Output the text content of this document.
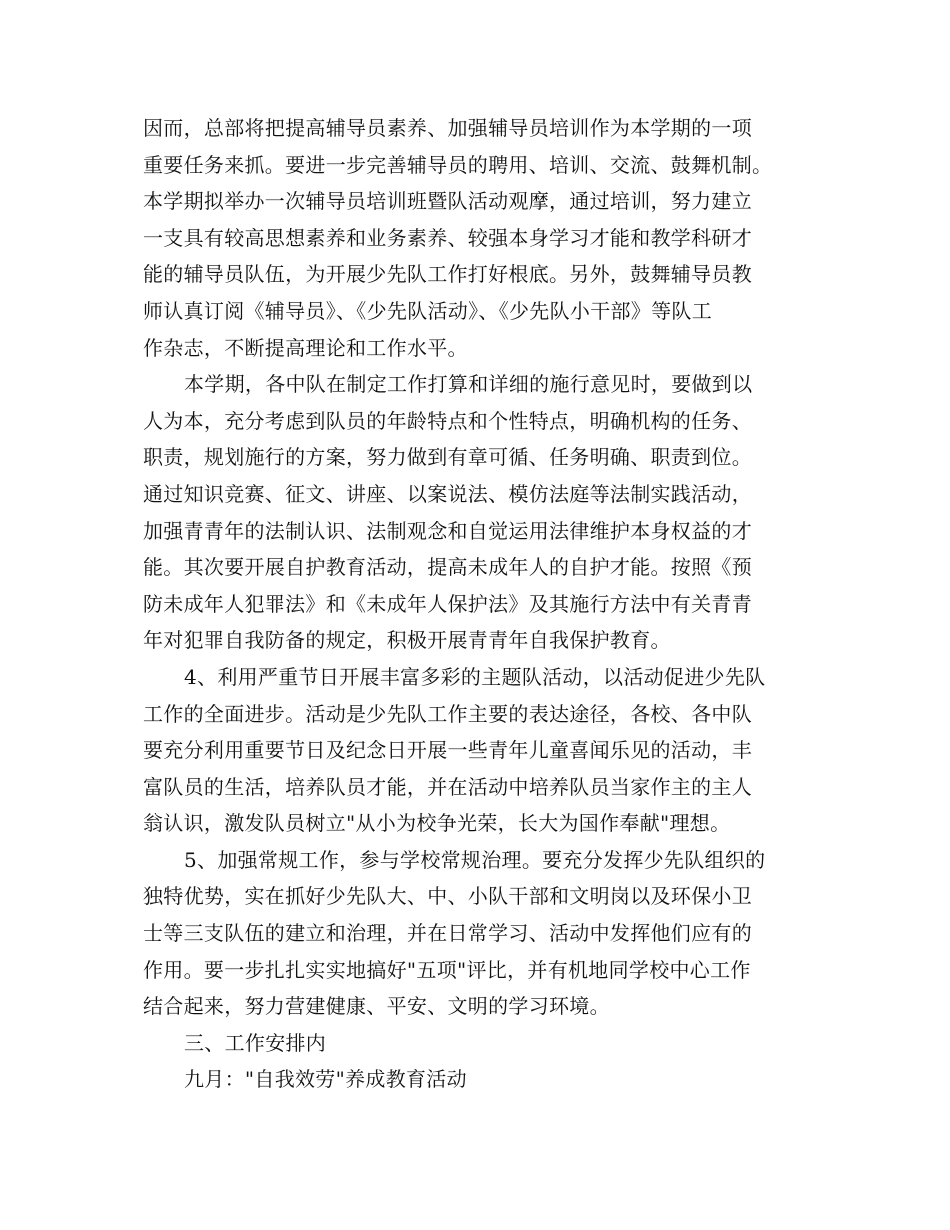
因而，总部将把提高辅导员素养、加强辅导员培训作为本学期的一项
重要任务来抓。要进一步完善辅导员的聘用、培训、交流、鼓舞机制。
本学期拟举办一次辅导员培训班暨队活动观摩，通过培训，努力建立
一支具有较高思想素养和业务素养、较强本身学习才能和教学科研才
能的辅导员队伍，为开展少先队工作打好根底。另外，鼓舞辅导员教
师认真订阅《辅导员》、《少先队活动》、《少先队小干部》等队工
作杂志，不断提高理论和工作水平。
本学期，各中队在制定工作打算和详细的施行意见时，要做到以
人为本，充分考虑到队员的年龄特点和个性特点，明确机构的任务、
职责，规划施行的方案，努力做到有章可循、任务明确、职责到位。
通过知识竞赛、征文、讲座、以案说法、模仿法庭等法制实践活动，
加强青青年的法制认识、法制观念和自觉运用法律维护本身权益的才
能。其次要开展自护教育活动，提高未成年人的自护才能。按照《预
防未成年人犯罪法》和《未成年人保护法》及其施行方法中有关青青
年对犯罪自我防备的规定，积极开展青青年自我保护教育。
4、利用严重节日开展丰富多彩的主题队活动，以活动促进少先队
工作的全面进步。活动是少先队工作主要的表达途径，各校、各中队
要充分利用重要节日及纪念日开展一些青年儿童喜闻乐见的活动，丰
富队员的生活，培养队员才能，并在活动中培养队员当家作主的主人
翁认识，激发队员树立"从小为校争光荣，长大为国作奉献"理想。
5、加强常规工作，参与学校常规治理。要充分发挥少先队组织的
独特优势，实在抓好少先队大、中、小队干部和文明岗以及环保小卫
士等三支队伍的建立和治理，并在日常学习、活动中发挥他们应有的
作用。要一步扎扎实实地搞好"五项"评比，并有机地同学校中心工作
结合起来，努力营建健康、平安、文明的学习环境。
三、工作安排内
九月："自我效劳"养成教育活动
